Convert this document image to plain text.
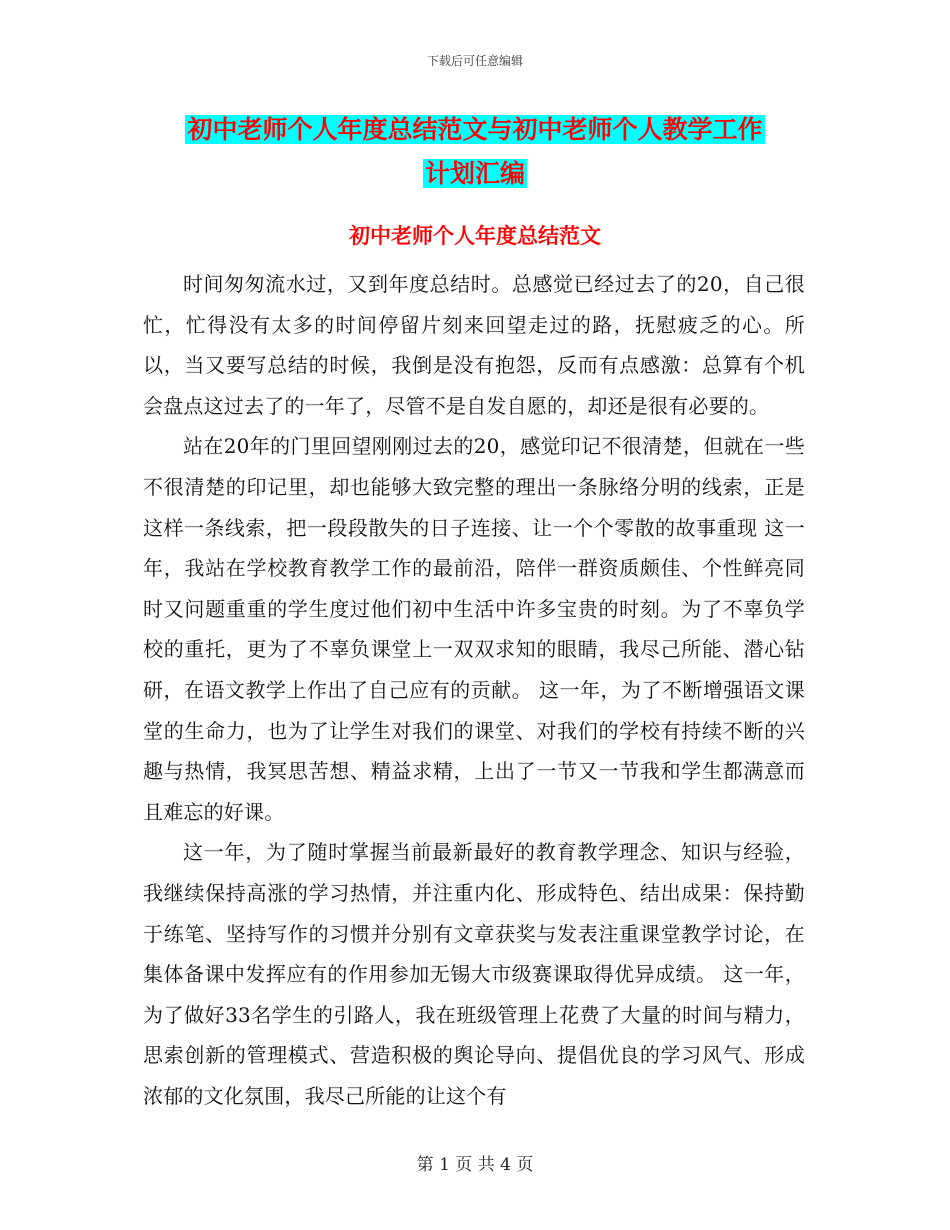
下载后可任意编辑
初中老师个人年度总结范文与初中老师个人教学工作
计划汇编
初中老师个人年度总结范文

时间匆匆流水过，又到年度总结时。总感觉已经过去了的20，自己很忙，忙得没有太多的时间停留片刻来回望走过的路，抚慰疲乏的心。所以，当又要写总结的时候，我倒是没有抱怨，反而有点感激：总算有个机会盘点这过去了的一年了，尽管不是自发自愿的，却还是很有必要的。

站在20年的门里回望刚刚过去的20，感觉印记不很清楚，但就在一些不很清楚的印记里，却也能够大致完整的理出一条脉络分明的线索，正是这样一条线索，把一段段散失的日子连接、让一个个零散的故事重现 这一年，我站在学校教育教学工作的最前沿，陪伴一群资质颇佳、个性鲜亮同时又问题重重的学生度过他们初中生活中许多宝贵的时刻。为了不辜负学校的重托，更为了不辜负课堂上一双双求知的眼睛，我尽己所能、潜心钻研，在语文教学上作出了自己应有的贡献。 这一年，为了不断增强语文课堂的生命力，也为了让学生对我们的课堂、对我们的学校有持续不断的兴趣与热情，我冥思苦想、精益求精，上出了一节又一节我和学生都满意而且难忘的好课。

这一年，为了随时掌握当前最新最好的教育教学理念、知识与经验，我继续保持高涨的学习热情，并注重内化、形成特色、结出成果：保持勤于练笔、坚持写作的习惯并分别有文章获奖与发表注重课堂教学讨论，在集体备课中发挥应有的作用参加无锡大市级赛课取得优异成绩。 这一年，为了做好33名学生的引路人，我在班级管理上花费了大量的时间与精力，思索创新的管理模式、营造积极的舆论导向、提倡优良的学习风气、形成浓郁的文化氛围，我尽己所能的让这个有

第 1 页 共 4 页
